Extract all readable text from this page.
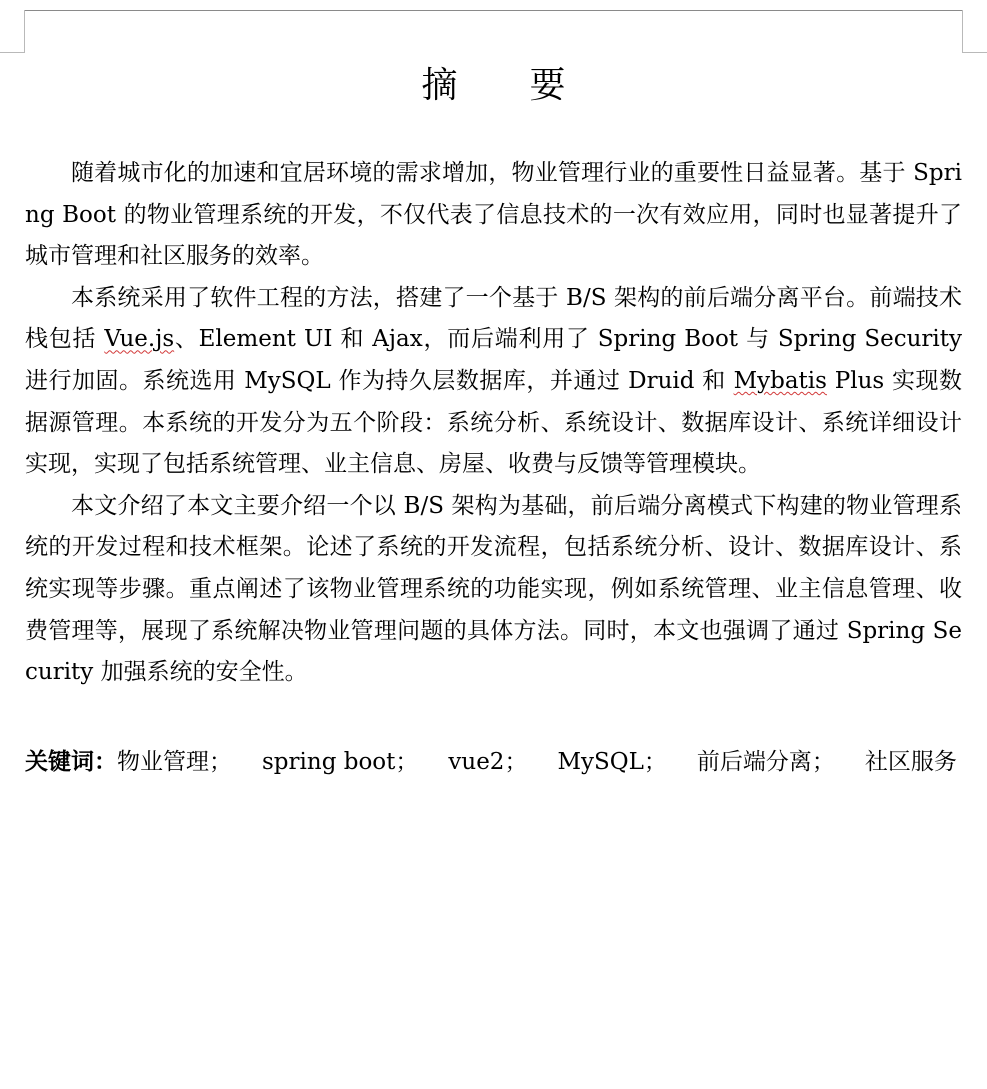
摘 要

随着城市化的加速和宜居环境的需求增加，物业管理行业的重要性日益显著。基于 Spring Boot 的物业管理系统的开发，不仅代表了信息技术的一次有效应用，同时也显著提升了城市管理和社区服务的效率。

本系统采用了软件工程的方法，搭建了一个基于 B/S 架构的前后端分离平台。前端技术栈包括 Vue.js、Element UI 和 Ajax，而后端利用了 Spring Boot 与 Spring Security 进行加固。系统选用 MySQL 作为持久层数据库，并通过 Druid 和 Mybatis Plus 实现数据源管理。本系统的开发分为五个阶段：系统分析、系统设计、数据库设计、系统详细设计实现，实现了包括系统管理、业主信息、房屋、收费与反馈等管理模块。

本文介绍了本文主要介绍一个以 B/S 架构为基础，前后端分离模式下构建的物业管理系统的开发过程和技术框架。论述了系统的开发流程，包括系统分析、设计、数据库设计、系统实现等步骤。重点阐述了该物业管理系统的功能实现，例如系统管理、业主信息管理、收费管理等，展现了系统解决物业管理问题的具体方法。同时，本文也强调了通过 Spring Security 加强系统的安全性。

关键词：物业管理； spring boot； vue2； MySQL； 前后端分离； 社区服务
